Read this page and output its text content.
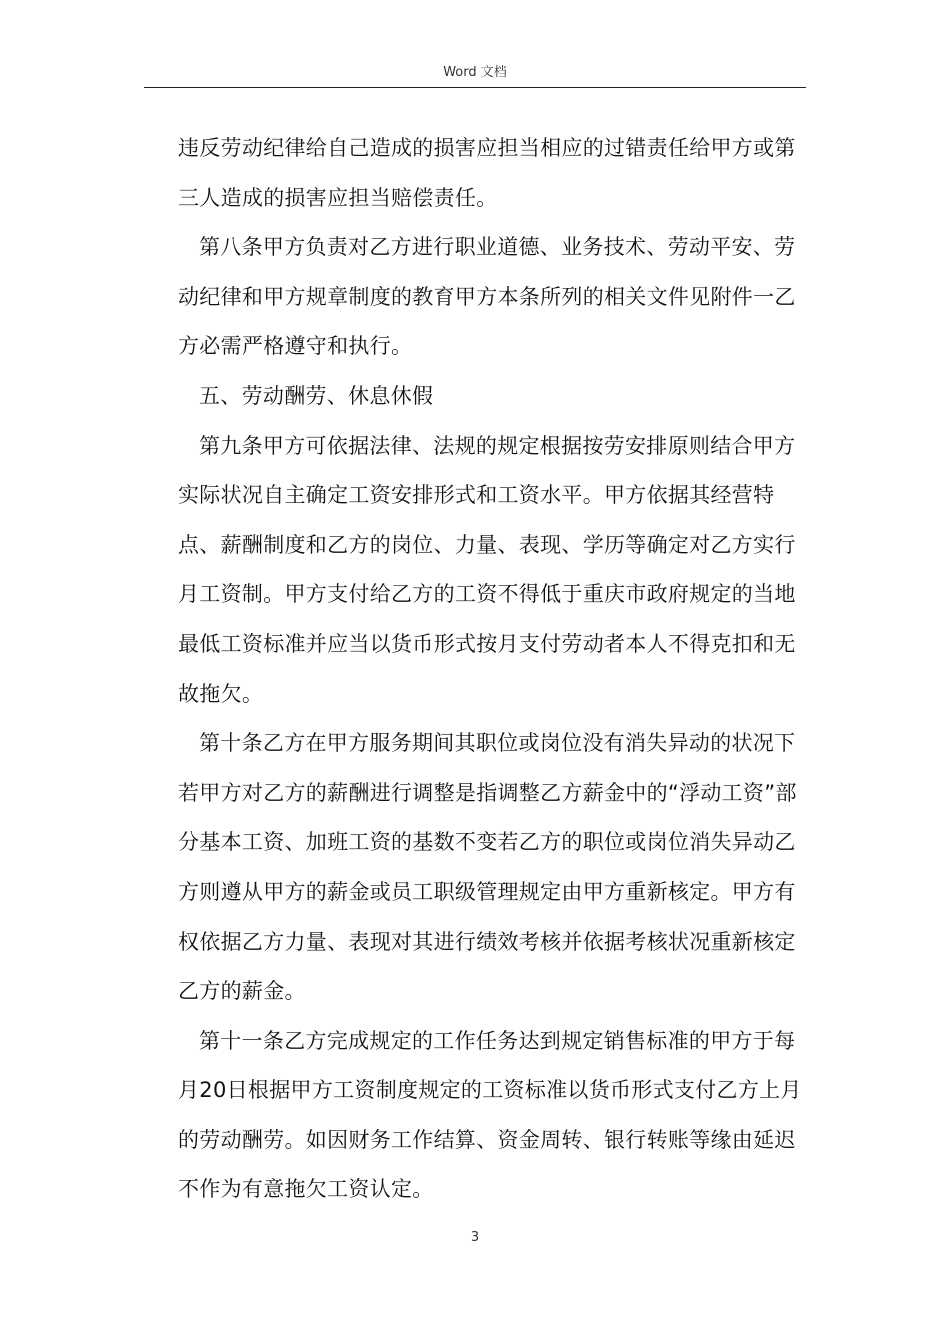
Word 文档

违反劳动纪律给自己造成的损害应担当相应的过错责任给甲方或第三人造成的损害应担当赔偿责任。

第八条甲方负责对乙方进行职业道德、业务技术、劳动平安、劳动纪律和甲方规章制度的教育甲方本条所列的相关文件见附件一乙方必需严格遵守和执行。

五、劳动酬劳、休息休假

第九条甲方可依据法律、法规的规定根据按劳安排原则结合甲方实际状况自主确定工资安排形式和工资水平。甲方依据其经营特点、薪酬制度和乙方的岗位、力量、表现、学历等确定对乙方实行月工资制。甲方支付给乙方的工资不得低于重庆市政府规定的当地最低工资标准并应当以货币形式按月支付劳动者本人不得克扣和无故拖欠。

第十条乙方在甲方服务期间其职位或岗位没有消失异动的状况下若甲方对乙方的薪酬进行调整是指调整乙方薪金中的“浮动工资”部分基本工资、加班工资的基数不变若乙方的职位或岗位消失异动乙方则遵从甲方的薪金或员工职级管理规定由甲方重新核定。甲方有权依据乙方力量、表现对其进行绩效考核并依据考核状况重新核定乙方的薪金。

第十一条乙方完成规定的工作任务达到规定销售标准的甲方于每月20日根据甲方工资制度规定的工资标准以货币形式支付乙方上月的劳动酬劳。如因财务工作结算、资金周转、银行转账等缘由延迟不作为有意拖欠工资认定。

3
